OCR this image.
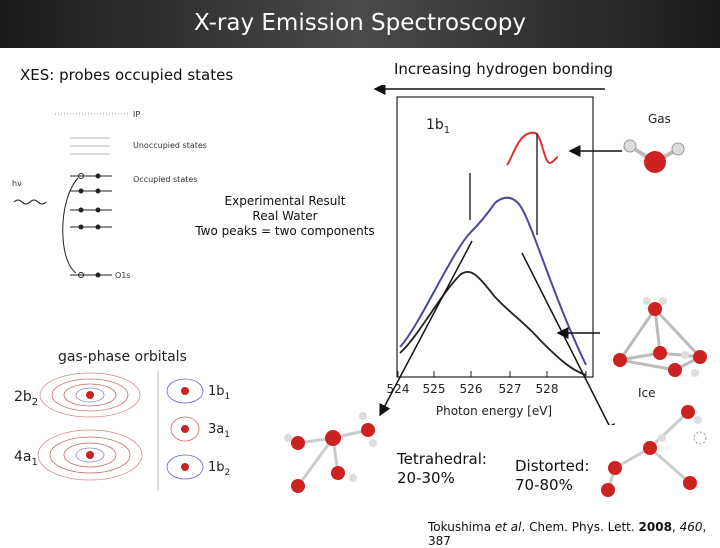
X-ray Emission Spectroscopy
XES: probes occupied states	Increasing hydrogen bonding
IP
Unoccupied states
Occupied states
hν
O1s
Experimental Result
Real Water
Two peaks = two components
gas-phase orbitals
$2b_2$
$4a_1$
$1b_1$
$3a_1$
$1b_2$
524 525 526 527 528
Photon energy [eV]
$1b_1$
Gas
Ice
Tetrahedral:
20-30%
Distorted:
70-80%
Tokushima et al. Chem. Phys. Lett. 2008, 460, 387
